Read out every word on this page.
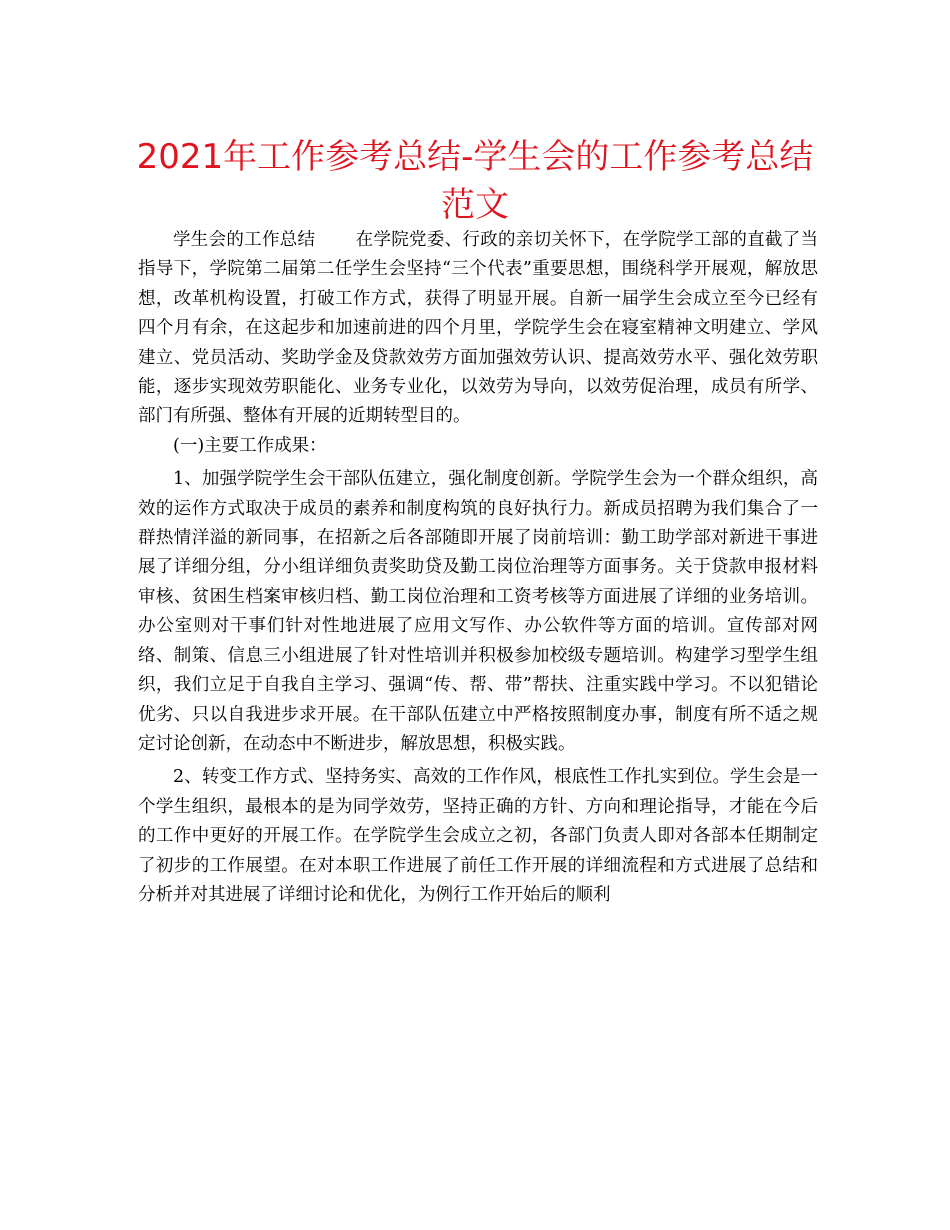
2021年工作参考总结-学生会的工作参考总结范文

学生会的工作总结 在学院党委、行政的亲切关怀下，在学院学工部的直截了当指导下，学院第二届第二任学生会坚持“三个代表”重要思想，围绕科学开展观，解放思想，改革机构设置，打破工作方式，获得了明显开展。自新一届学生会成立至今已经有四个月有余，在这起步和加速前进的四个月里，学院学生会在寝室精神文明建立、学风建立、党员活动、奖助学金及贷款效劳方面加强效劳认识、提高效劳水平、强化效劳职能，逐步实现效劳职能化、业务专业化，以效劳为导向，以效劳促治理，成员有所学、部门有所强、整体有开展的近期转型目的。

(一)主要工作成果：

1、加强学院学生会干部队伍建立，强化制度创新。学院学生会为一个群众组织，高效的运作方式取决于成员的素养和制度构筑的良好执行力。新成员招聘为我们集合了一群热情洋溢的新同事，在招新之后各部随即开展了岗前培训：勤工助学部对新进干事进展了详细分组，分小组详细负责奖助贷及勤工岗位治理等方面事务。关于贷款申报材料审核、贫困生档案审核归档、勤工岗位治理和工资考核等方面进展了详细的业务培训。办公室则对干事们针对性地进展了应用文写作、办公软件等方面的培训。宣传部对网络、制策、信息三小组进展了针对性培训并积极参加校级专题培训。构建学习型学生组织，我们立足于自我自主学习、强调“传、帮、带”帮扶、注重实践中学习。不以犯错论优劣、只以自我进步求开展。在干部队伍建立中严格按照制度办事，制度有所不适之规定讨论创新，在动态中不断进步，解放思想，积极实践。

2、转变工作方式、坚持务实、高效的工作作风，根底性工作扎实到位。学生会是一个学生组织，最根本的是为同学效劳，坚持正确的方针、方向和理论指导，才能在今后的工作中更好的开展工作。在学院学生会成立之初，各部门负责人即对各部本任期制定了初步的工作展望。在对本职工作进展了前任工作开展的详细流程和方式进展了总结和分析并对其进展了详细讨论和优化，为例行工作开始后的顺利
